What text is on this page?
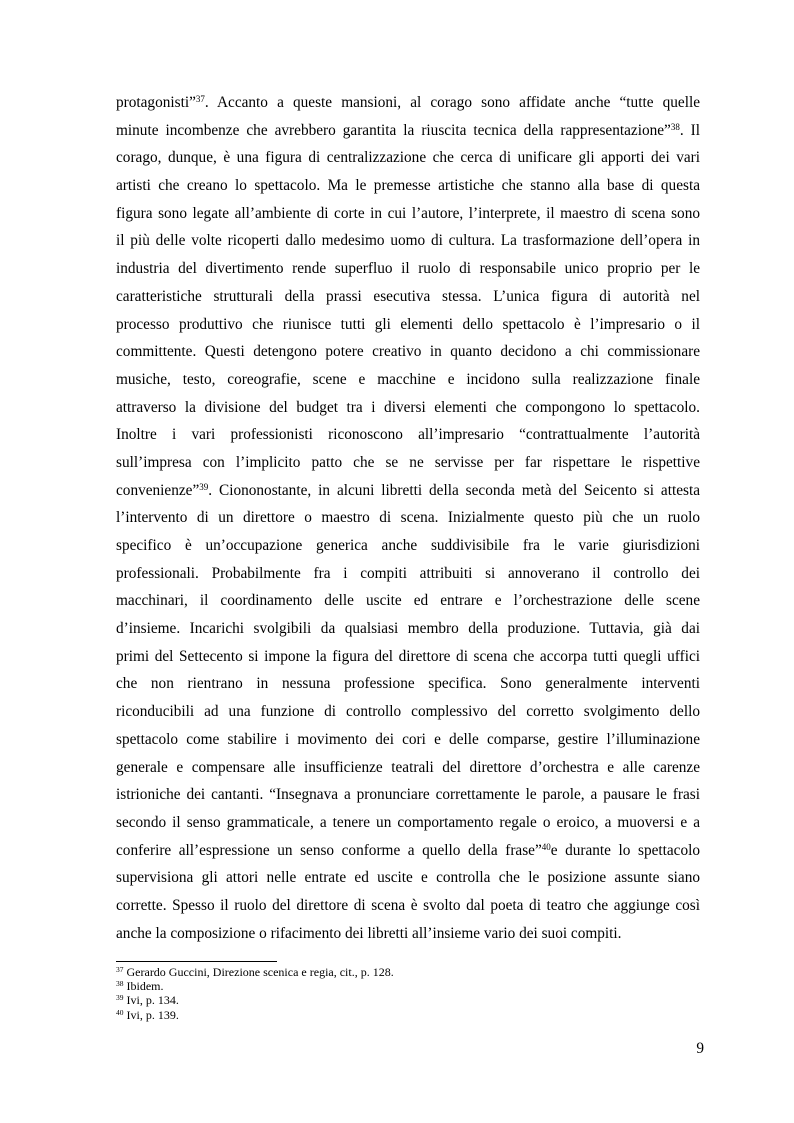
protagonisti”$^{37}$. Accanto a queste mansioni, al corago sono affidate anche “tutte quelle
minute incombenze che avrebbero garantita la riuscita tecnica della rappresentazione”$^{38}$. Il
corago, dunque, è una figura di centralizzazione che cerca di unificare gli apporti dei vari
artisti che creano lo spettacolo. Ma le premesse artistiche che stanno alla base di questa
figura sono legate all’ambiente di corte in cui l’autore, l’interprete, il maestro di scena sono
il più delle volte ricoperti dallo medesimo uomo di cultura. La trasformazione dell’opera in
industria del divertimento rende superfluo il ruolo di responsabile unico proprio per le
caratteristiche strutturali della prassi esecutiva stessa. L’unica figura di autorità nel
processo produttivo che riunisce tutti gli elementi dello spettacolo è l’impresario o il
committente. Questi detengono potere creativo in quanto decidono a chi commissionare
musiche, testo, coreografie, scene e macchine e incidono sulla realizzazione finale
attraverso la divisione del budget tra i diversi elementi che compongono lo spettacolo.
Inoltre i vari professionisti riconoscono all’impresario “contrattualmente l’autorità
sull’impresa con l’implicito patto che se ne servisse per far rispettare le rispettive
convenienze”$^{39}$. Ciononostante, in alcuni libretti della seconda metà del Seicento si attesta
l’intervento di un direttore o maestro di scena. Inizialmente questo più che un ruolo
specifico è un’occupazione generica anche suddivisibile fra le varie giurisdizioni
professionali. Probabilmente fra i compiti attribuiti si annoverano il controllo dei
macchinari, il coordinamento delle uscite ed entrare e l’orchestrazione delle scene
d’insieme. Incarichi svolgibili da qualsiasi membro della produzione. Tuttavia, già dai
primi del Settecento si impone la figura del direttore di scena che accorpa tutti quegli uffici
che non rientrano in nessuna professione specifica. Sono generalmente interventi
riconducibili ad una funzione di controllo complessivo del corretto svolgimento dello
spettacolo come stabilire i movimento dei cori e delle comparse, gestire l’illuminazione
generale e compensare alle insufficienze teatrali del direttore d’orchestra e alle carenze
istrioniche dei cantanti. “Insegnava a pronunciare correttamente le parole, a pausare le frasi
secondo il senso grammaticale, a tenere un comportamento regale o eroico, a muoversi e a
conferire all’espressione un senso conforme a quello della frase”$^{40}$e durante lo spettacolo
supervisiona gli attori nelle entrate ed uscite e controlla che le posizione assunte siano
corrette. Spesso il ruolo del direttore di scena è svolto dal poeta di teatro che aggiunge così
anche la composizione o rifacimento dei libretti all’insieme vario dei suoi compiti.
$^{37}$ Gerardo Guccini, Direzione scenica e regia, cit., p. 128.
$^{38}$ Ibidem.
$^{39}$ Ivi, p. 134.
$^{40}$ Ivi, p. 139.
9
